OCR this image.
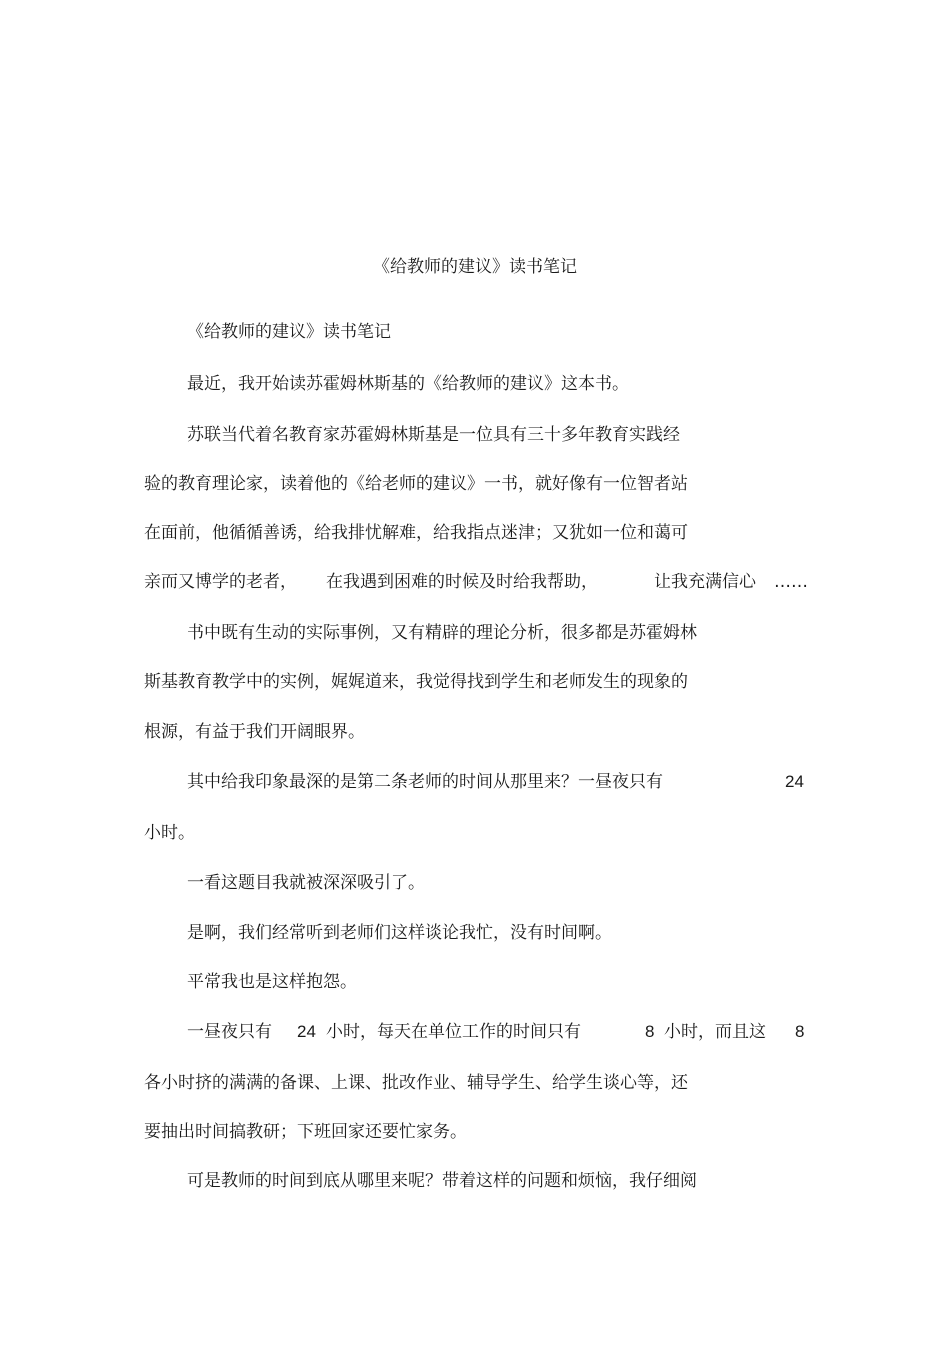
《给教师的建议》读书笔记
《给教师的建议》读书笔记
最近，我开始读苏霍姆林斯基的《给教师的建议》这本书。
苏联当代着名教育家苏霍姆林斯基是一位具有三十多年教育实践经
验的教育理论家，读着他的《给老师的建议》一书，就好像有一位智者站
在面前，他循循善诱，给我排忧解难，给我指点迷津；又犹如一位和蔼可
亲而又博学的老者， 在我遇到困难的时候及时给我帮助，	让我充满信心 ……
书中既有生动的实际事例，又有精辟的理论分析，很多都是苏霍姆林
斯基教育教学中的实例，娓娓道来，我觉得找到学生和老师发生的现象的
根源，有益于我们开阔眼界。
其中给我印象最深的是第二条老师的时间从那里来？一昼夜只有	24
小时。
一看这题目我就被深深吸引了。
是啊，我们经常听到老师们这样谈论我忙，没有时间啊。
平常我也是这样抱怨。
一昼夜只有 24 小时，每天在单位工作的时间只有	8 小时，而且这 8
各小时挤的满满的备课、上课、批改作业、辅导学生、给学生谈心等，还
要抽出时间搞教研；下班回家还要忙家务。
可是教师的时间到底从哪里来呢？带着这样的问题和烦恼，我仔细阅
